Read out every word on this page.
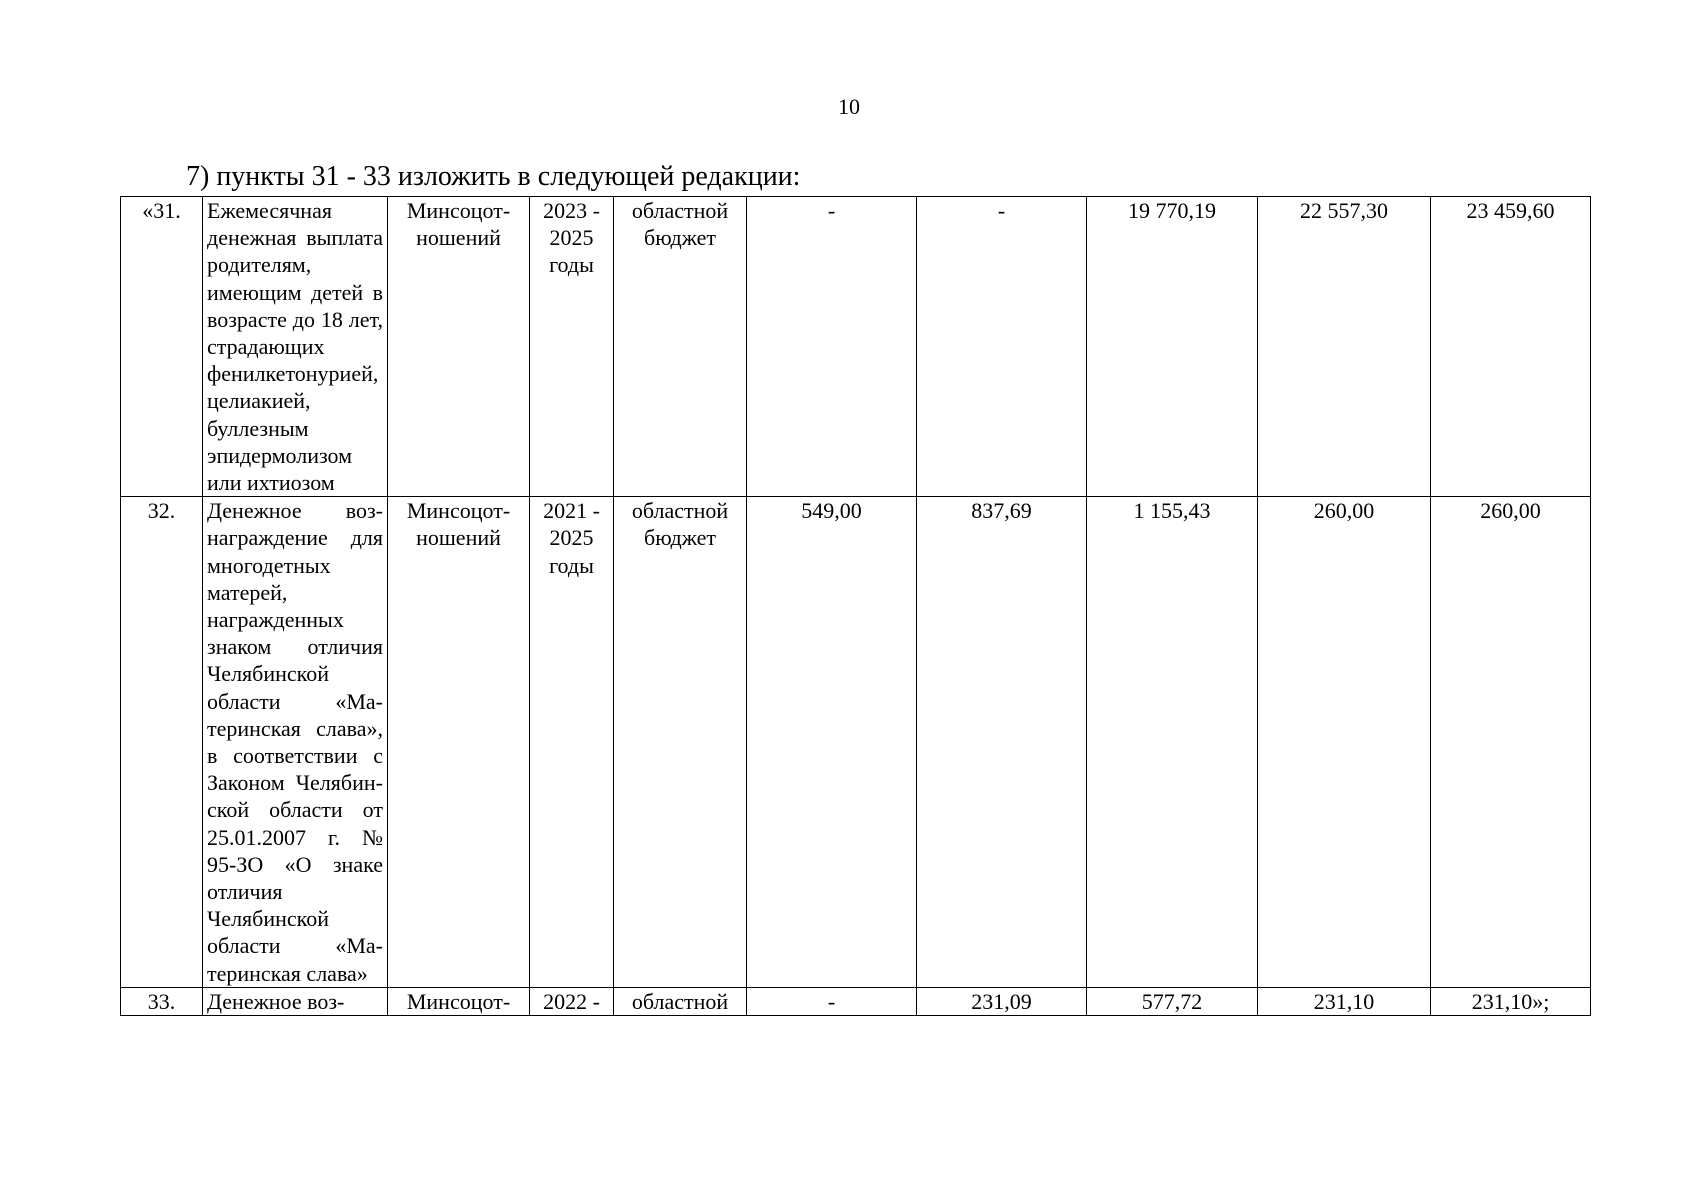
10
7) пункты 31 - 33 изложить в следующей редакции:
«31.	Ежемесячная денежная выплата родителям, имеющим детей в возрасте до 18 лет, страдающих фенилкетонурией, целиакией, буллезным эпидермолизом или ихтиозом	Минсоцотношений	2023 - 2025 годы	областной бюджет	-	-	19 770,19	22 557,30	23 459,60
32.	Денежное вознаграждение для многодетных матерей, награжденных знаком отличия Челябинской области «Материнская слава», в соответствии с Законом Челябинской области от 25.01.2007 г. № 95-ЗО «О знаке отличия Челябинской области «Материнская слава»	Минсоцотношений	2021 - 2025 годы	областной бюджет	549,00	837,69	1 155,43	260,00	260,00
33.	Денежное воз-	Минсоцот-	2022 -	областной	-	231,09	577,72	231,10	231,10»;
